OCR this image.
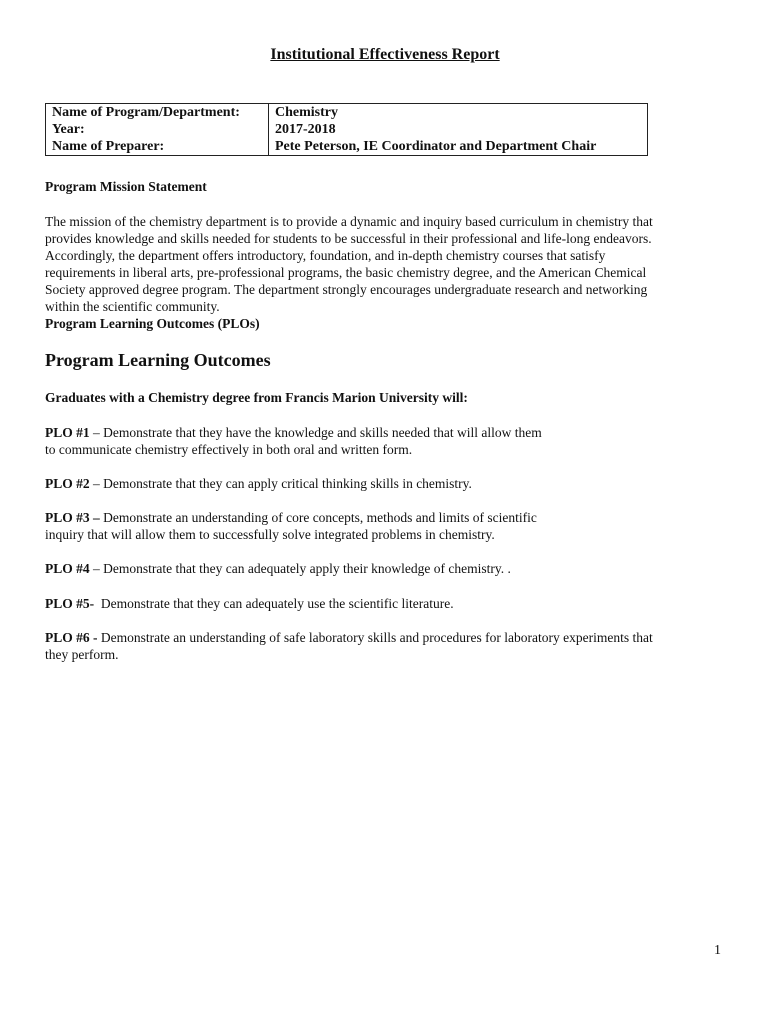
Institutional Effectiveness Report
Name of Program/Department:	Chemistry
Year:	2017-2018
Name of Preparer:	Pete Peterson, IE Coordinator and Department Chair
Program Mission Statement
The mission of the chemistry department is to provide a dynamic and inquiry based curriculum in chemistry that
provides knowledge and skills needed for students to be successful in their professional and life-long endeavors.
Accordingly, the department offers introductory, foundation, and in-depth chemistry courses that satisfy
requirements in liberal arts, pre-professional programs, the basic chemistry degree, and the American Chemical
Society approved degree program. The department strongly encourages undergraduate research and networking
within the scientific community.
Program Learning Outcomes (PLOs)
Program Learning Outcomes
Graduates with a Chemistry degree from Francis Marion University will:
PLO #1 – Demonstrate that they have the knowledge and skills needed that will allow them
to communicate chemistry effectively in both oral and written form.
PLO #2 – Demonstrate that they can apply critical thinking skills in chemistry.
PLO #3 – Demonstrate an understanding of core concepts, methods and limits of scientific
inquiry that will allow them to successfully solve integrated problems in chemistry.
PLO #4 – Demonstrate that they can adequately apply their knowledge of chemistry. .
PLO #5- Demonstrate that they can adequately use the scientific literature.
PLO #6 - Demonstrate an understanding of safe laboratory skills and procedures for laboratory experiments that
they perform.
1
